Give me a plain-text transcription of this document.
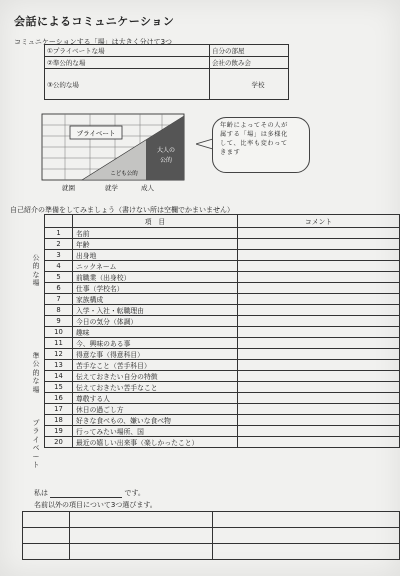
会話によるコミュニケーション
コミュニケーションする「場」は大きく分けて3つ
①プライベートな場	自分の部屋
②準公的な場	会社の飲み会
③公的な場	学校
プライベート
大人の
公的
こども公的
年齢によってその人が
属する「場」は多様化
して、比率も変わって
きます
就園	就学	成人
自己紹介の準備をしてみましょう（書けない所は空欄でかまいません）
	項　目	コメント
1	名前	
2	年齢	
3	出身地	
4	ニックネーム	
5	前職業（出身校）	
6	仕事（学校名）	
7	家族構成	
8	入学・入社・転職理由	
9	今日の気分（体調）	
10	趣味	
11	今、興味のある事	
12	得意な事（得意科目）	
13	苦手なこと（苦手科目）	
14	伝えておきたい自分の特徴	
15	伝えておきたい苦手なこと	
16	尊敬する人	
17	休日の過ごし方	
18	好きな食べもの、嫌いな食べ物	
19	行ってみたい場所、国	
20	最近の嬉しい出来事（楽しかったこと）	
公的な場
準公的な場
プライベート
私は	です。
名前以外の項目について3つ選びます。
